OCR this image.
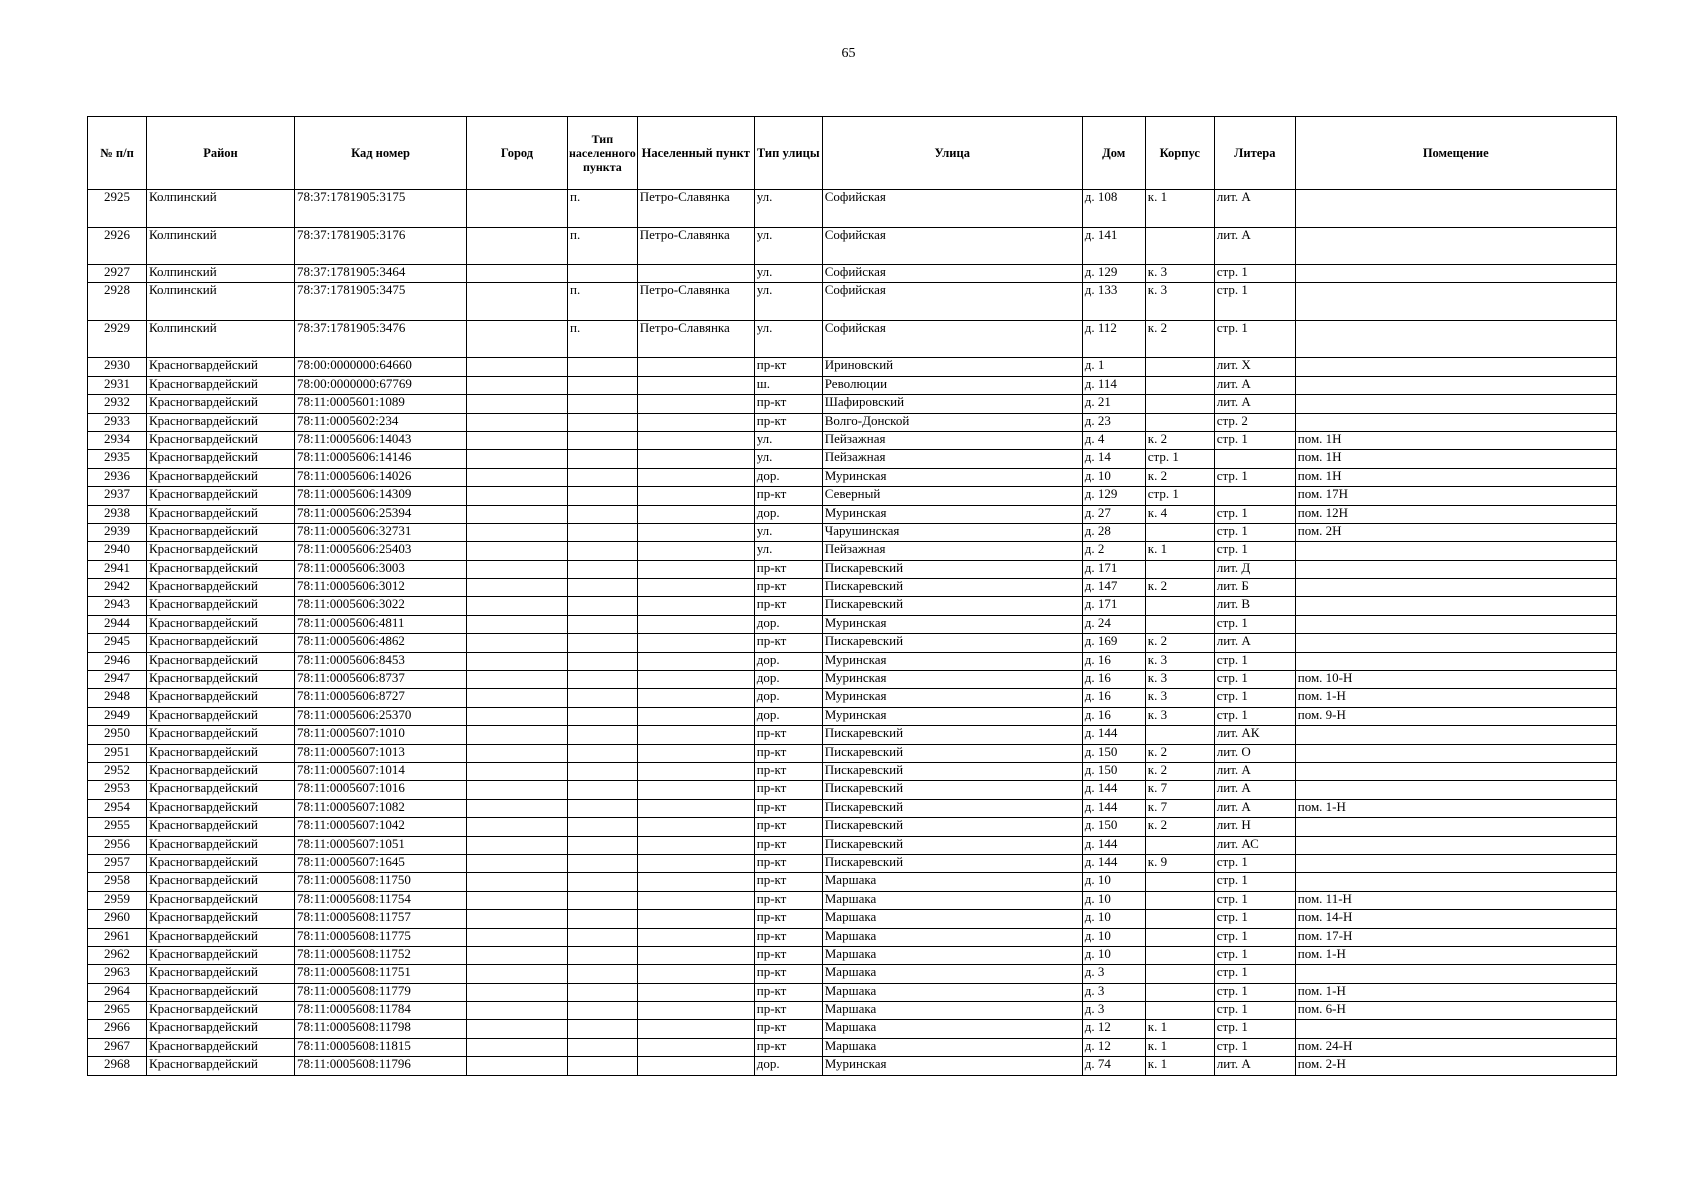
65
№ п/п	Район	Кад номер	Город	Тип населенного пункта	Населенный пункт	Тип улицы	Улица	Дом	Корпус	Литера	Помещение
2925	Колпинский	78:37:1781905:3175		п.	Петро-Славянка	ул.	Софийская	д. 108	к. 1	лит. А	
2926	Колпинский	78:37:1781905:3176		п.	Петро-Славянка	ул.	Софийская	д. 141		лит. А	
2927	Колпинский	78:37:1781905:3464				ул.	Софийская	д. 129	к. 3	стр. 1	
2928	Колпинский	78:37:1781905:3475		п.	Петро-Славянка	ул.	Софийская	д. 133	к. 3	стр. 1	
2929	Колпинский	78:37:1781905:3476		п.	Петро-Славянка	ул.	Софийская	д. 112	к. 2	стр. 1	
2930	Красногвардейский	78:00:0000000:64660				пр-кт	Ириновский	д. 1		лит. Х	
2931	Красногвардейский	78:00:0000000:67769				ш.	Революции	д. 114		лит. А	
2932	Красногвардейский	78:11:0005601:1089				пр-кт	Шафировский	д. 21		лит. А	
2933	Красногвардейский	78:11:0005602:234				пр-кт	Волго-Донской	д. 23		стр. 2	
2934	Красногвардейский	78:11:0005606:14043				ул.	Пейзажная	д. 4	к. 2	стр. 1	пом. 1Н
2935	Красногвардейский	78:11:0005606:14146				ул.	Пейзажная	д. 14	стр. 1		пом. 1Н
2936	Красногвардейский	78:11:0005606:14026				дор.	Муринская	д. 10	к. 2	стр. 1	пом. 1Н
2937	Красногвардейский	78:11:0005606:14309				пр-кт	Северный	д. 129	стр. 1		пом. 17Н
2938	Красногвардейский	78:11:0005606:25394				дор.	Муринская	д. 27	к. 4	стр. 1	пом. 12Н
2939	Красногвардейский	78:11:0005606:32731				ул.	Чарушинская	д. 28		стр. 1	пом. 2Н
2940	Красногвардейский	78:11:0005606:25403				ул.	Пейзажная	д. 2	к. 1	стр. 1	
2941	Красногвардейский	78:11:0005606:3003				пр-кт	Пискаревский	д. 171		лит. Д	
2942	Красногвардейский	78:11:0005606:3012				пр-кт	Пискаревский	д. 147	к. 2	лит. Б	
2943	Красногвардейский	78:11:0005606:3022				пр-кт	Пискаревский	д. 171		лит. В	
2944	Красногвардейский	78:11:0005606:4811				дор.	Муринская	д. 24		стр. 1	
2945	Красногвардейский	78:11:0005606:4862				пр-кт	Пискаревский	д. 169	к. 2	лит. А	
2946	Красногвардейский	78:11:0005606:8453				дор.	Муринская	д. 16	к. 3	стр. 1	
2947	Красногвардейский	78:11:0005606:8737				дор.	Муринская	д. 16	к. 3	стр. 1	пом. 10-Н
2948	Красногвардейский	78:11:0005606:8727				дор.	Муринская	д. 16	к. 3	стр. 1	пом. 1-Н
2949	Красногвардейский	78:11:0005606:25370				дор.	Муринская	д. 16	к. 3	стр. 1	пом. 9-Н
2950	Красногвардейский	78:11:0005607:1010				пр-кт	Пискаревский	д. 144		лит. АК	
2951	Красногвардейский	78:11:0005607:1013				пр-кт	Пискаревский	д. 150	к. 2	лит. О	
2952	Красногвардейский	78:11:0005607:1014				пр-кт	Пискаревский	д. 150	к. 2	лит. А	
2953	Красногвардейский	78:11:0005607:1016				пр-кт	Пискаревский	д. 144	к. 7	лит. А	
2954	Красногвардейский	78:11:0005607:1082				пр-кт	Пискаревский	д. 144	к. 7	лит. А	пом. 1-Н
2955	Красногвардейский	78:11:0005607:1042				пр-кт	Пискаревский	д. 150	к. 2	лит. Н	
2956	Красногвардейский	78:11:0005607:1051				пр-кт	Пискаревский	д. 144		лит. АС	
2957	Красногвардейский	78:11:0005607:1645				пр-кт	Пискаревский	д. 144	к. 9	стр. 1	
2958	Красногвардейский	78:11:0005608:11750				пр-кт	Маршака	д. 10		стр. 1	
2959	Красногвардейский	78:11:0005608:11754				пр-кт	Маршака	д. 10		стр. 1	пом. 11-Н
2960	Красногвардейский	78:11:0005608:11757				пр-кт	Маршака	д. 10		стр. 1	пом. 14-Н
2961	Красногвардейский	78:11:0005608:11775				пр-кт	Маршака	д. 10		стр. 1	пом. 17-Н
2962	Красногвардейский	78:11:0005608:11752				пр-кт	Маршака	д. 10		стр. 1	пом. 1-Н
2963	Красногвардейский	78:11:0005608:11751				пр-кт	Маршака	д. 3		стр. 1	
2964	Красногвардейский	78:11:0005608:11779				пр-кт	Маршака	д. 3		стр. 1	пом. 1-Н
2965	Красногвардейский	78:11:0005608:11784				пр-кт	Маршака	д. 3		стр. 1	пом. 6-Н
2966	Красногвардейский	78:11:0005608:11798				пр-кт	Маршака	д. 12	к. 1	стр. 1	
2967	Красногвардейский	78:11:0005608:11815				пр-кт	Маршака	д. 12	к. 1	стр. 1	пом. 24-Н
2968	Красногвардейский	78:11:0005608:11796				дор.	Муринская	д. 74	к. 1	лит. А	пом. 2-Н
